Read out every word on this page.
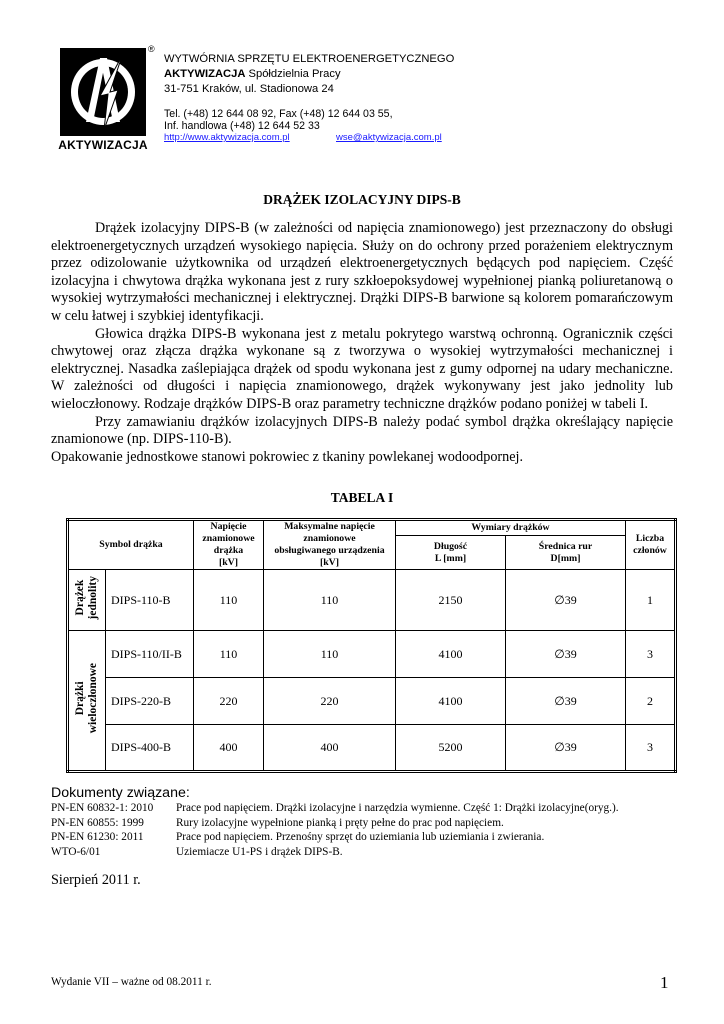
AKTYWIZACJA
®
WYTWÓRNIA SPRZĘTU ELEKTROENERGETYCZNEGO
AKTYWIZACJA Spółdzielnia Pracy
31-751 Kraków, ul. Stadionowa 24
Tel. (+48) 12 644 08 92, Fax (+48) 12 644 03 55,
Inf. handlowa (+48) 12 644 52 33
http://www.aktywizacja.com.pl	wse@aktywizacja.com.pl
DRĄŻEK IZOLACYJNY DIPS-B

Drążek izolacyjny DIPS-B (w zależności od napięcia znamionowego) jest przeznaczony do obsługi elektroenergetycznych urządzeń wysokiego napięcia. Służy on do ochrony przed porażeniem elektrycznym przez odizolowanie użytkownika od urządzeń elektroenergetycznych będących pod napięciem. Część izolacyjna i chwytowa drążka wykonana jest z rury szkłoepoksydowej wypełnionej pianką poliuretanową o wysokiej wytrzymałości mechanicznej i elektrycznej. Drążki DIPS-B barwione są kolorem pomarańczowym w celu łatwej i szybkiej identyfikacji.

Głowica drążka DIPS-B wykonana jest z metalu pokrytego warstwą ochronną. Ogranicznik części chwytowej oraz złącza drążka wykonane są z tworzywa o wysokiej wytrzymałości mechanicznej i elektrycznej. Nasadka zaślepiająca drążek od spodu wykonana jest z gumy odpornej na udary mechaniczne. W zależności od długości i napięcia znamionowego, drążek wykonywany jest jako jednolity lub wieloczłonowy. Rodzaje drążków DIPS-B oraz parametry techniczne drążków podano poniżej w tabeli I.

Przy zamawianiu drążków izolacyjnych DIPS-B należy podać symbol drążka określający napięcie znamionowe (np. DIPS-110-B).

Opakowanie jednostkowe stanowi pokrowiec z tkaniny powlekanej wodoodpornej.

TABELA I
Symbol drążka		Napięcie
znamionowe
drążka
[kV]	Maksymalne napięcie
znamionowe
obsługiwanego urządzenia
[kV]	Wymiary drążków		Liczba
członów
				Długość
L [mm]	Średnica rur
D[mm]	
Drążek
jednolity	DIPS-110-B	110	110	2150	∅39	1
Drążki
wieloczłonowe	DIPS-110/II-B	110	110	4100	∅39	3
	DIPS-220-B	220	220	4100	∅39	2
	DIPS-400-B	400	400	5200	∅39	3
Dokumenty związane:
PN-EN 60832-1: 2010 Prace pod napięciem. Drążki izolacyjne i narzędzia wymienne. Część 1: Drążki izolacyjne(oryg.).
PN-EN 60855: 1999	Rury izolacyjne wypełnione pianką i pręty pełne do prac pod napięciem.
PN-EN 61230: 2011	Prace pod napięciem. Przenośny sprzęt do uziemiania lub uziemiania i zwierania.
WTO-6/01	Uziemiacze U1-PS i drążek DIPS-B.
Sierpień 2011 r.
Wydanie VII – ważne od 08.2011 r.	1
